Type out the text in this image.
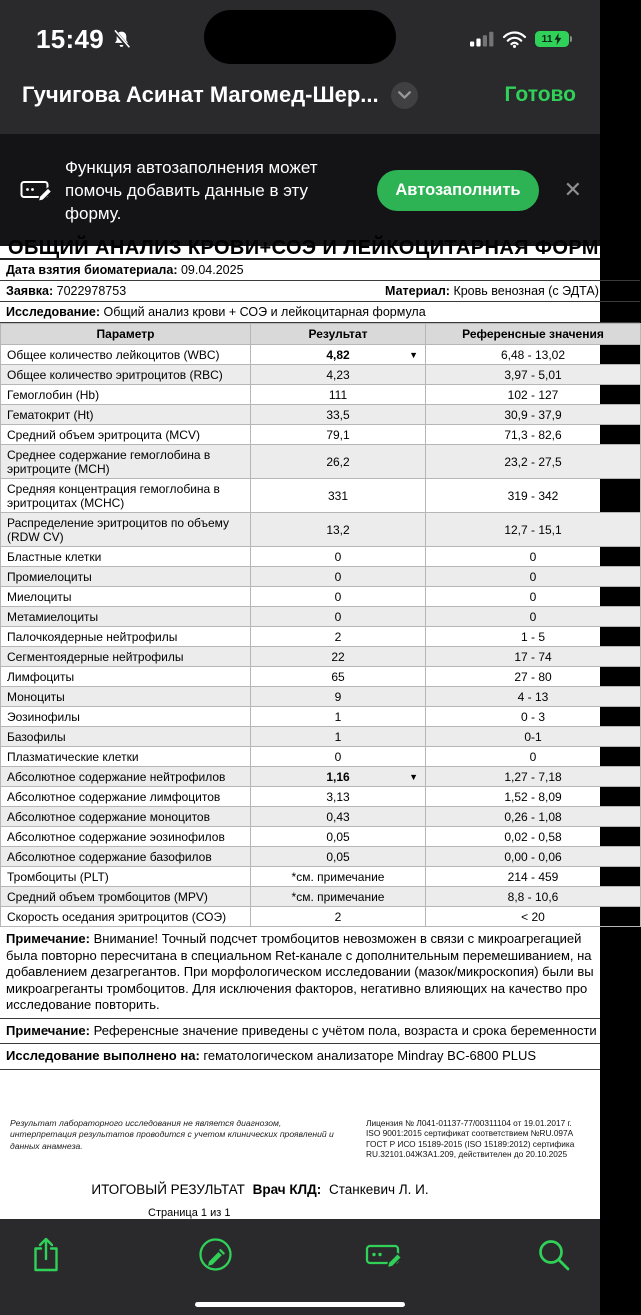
15:49	11
Гучигова Асинат Магомед-Шер...	Готово
Функция автозаполнения может помочь добавить данные в эту форму.
Автозаполнить	✕
ОБЩИЙ АНАЛИЗ КРОВИ+СОЭ И ЛЕЙКОЦИТАРНАЯ ФОРМУЛА
Дата взятия биоматериала: 09.04.2025
Заявка: 7022978753	Материал: Кровь венозная (с ЭДТА)
Исследование: Общий анализ крови + СОЭ и лейкоцитарная формула
Параметр	Результат	Референсные значения
Общее количество лейкоцитов (WBC)	4,82 ▼	6,48 - 13,02
Общее количество эритроцитов (RBC)	4,23	3,97 - 5,01
Гемоглобин (Hb)	111	102 - 127
Гематокрит (Ht)	33,5	30,9 - 37,9
Средний объем эритроцита (MCV)	79,1	71,3 - 82,6
Среднее содержание гемоглобина в эритроците (MCH)	26,2	23,2 - 27,5
Средняя концентрация гемоглобина в эритроцитах (MCHC)	331	319 - 342
Распределение эритроцитов по объему (RDW CV)	13,2	12,7 - 15,1
Бластные клетки	0	0
Промиелоциты	0	0
Миелоциты	0	0
Метамиелоциты	0	0
Палочкоядерные нейтрофилы	2	1 - 5
Сегментоядерные нейтрофилы	22	17 - 74
Лимфоциты	65	27 - 80
Моноциты	9	4 - 13
Эозинофилы	1	0 - 3
Базофилы	1	0-1
Плазматические клетки	0	0
Абсолютное содержание нейтрофилов	1,16 ▼	1,27 - 7,18
Абсолютное содержание лимфоцитов	3,13	1,52 - 8,09
Абсолютное содержание моноцитов	0,43	0,26 - 1,08
Абсолютное содержание эозинофилов	0,05	0,02 - 0,58
Абсолютное содержание базофилов	0,05	0,00 - 0,06
Тромбоциты (PLT)	*см. примечание	214 - 459
Средний объем тромбоцитов (MPV)	*см. примечание	8,8 - 10,6
Скорость оседания эритроцитов (СОЭ)	2	< 20
Примечание: Внимание! Точный подсчет тромбоцитов невозможен в связи с микроагрегацией
была повторно пересчитана в специальном Ret-канале с дополнительным перемешиванием, на
добавлением дезагрегантов. При морфологическом исследовании (мазок/микроскопия) были вы
микроагреганты тромбоцитов. Для исключения факторов, негативно влияющих на качество про
исследование повторить.
Примечание: Референсные значение приведены с учётом пола, возраста и срока беременности
Исследование выполнено на: гематологическом анализаторе Mindray BC-6800 PLUS
Результат лабораторного исследования не является диагнозом, интерпретация результатов проводится с учетом клинических проявлений и данных анамнеза.
Лицензия № Л041-01137-77/00311104 от 19.01.2017 г.
ISO 9001:2015 сертификат соответствием №RU.097А
ГОСТ Р ИСО 15189-2015 (ISO 15189:2012) сертифика
RU.32101.04ЖЗА1.209, действителен до 20.10.2025
ИТОГОВЫЙ РЕЗУЛЬТАТ Врач КЛД: Станкевич Л. И.
Страница 1 из 1
